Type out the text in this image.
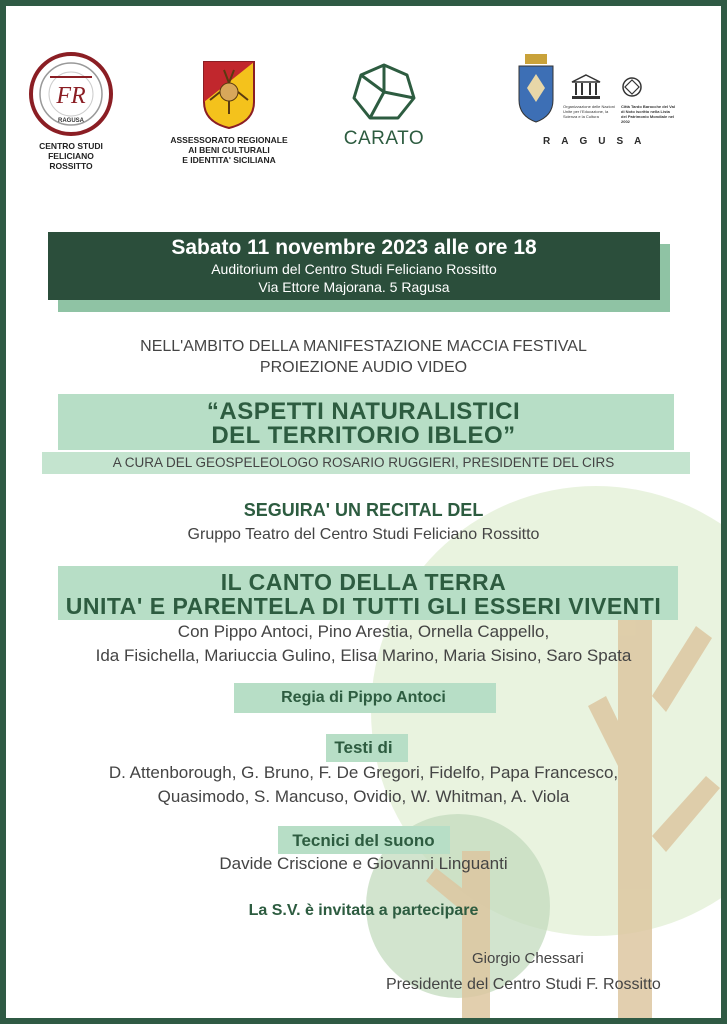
FR
RAGUSA
CENTRO STUDI
FELICIANO ROSSITTO
ASSESSORATO REGIONALE
AI BENI CULTURALI
E IDENTITA' SICILIANA
CARATO
Organizzazione delle Nazioni Unite per l'Educazione, la Scienza e la Cultura
Città Tardo Barocche del Val di Noto iscritto nella Lista del Patrimonio Mondiale nel 2002
RAGUSA
Sabato 11 novembre 2023 alle ore 18
Auditorium del Centro Studi Feliciano Rossitto
Via Ettore Majorana. 5 Ragusa
NELL'AMBITO DELLA MANIFESTAZIONE MACCIA FESTIVAL
PROIEZIONE AUDIO VIDEO
“ASPETTI NATURALISTICI
DEL TERRITORIO IBLEO”
A CURA DEL GEOSPELEOLOGO ROSARIO RUGGIERI, PRESIDENTE DEL CIRS
SEGUIRA' UN RECITAL DEL
Gruppo Teatro del Centro Studi Feliciano Rossitto
IL CANTO DELLA TERRA
UNITA' E PARENTELA DI TUTTI GLI ESSERI VIVENTI
Con Pippo Antoci, Pino Arestia, Ornella Cappello,
Ida Fisichella, Mariuccia Gulino, Elisa Marino, Maria Sisino, Saro Spata
Regia di Pippo Antoci
Testi di
D. Attenborough, G. Bruno, F. De Gregori, Fidelfo, Papa Francesco,
Quasimodo, S. Mancuso, Ovidio, W. Whitman, A. Viola
Tecnici del suono
Davide Criscione e Giovanni Linguanti
La S.V. è invitata a partecipare
Giorgio Chessari
Presidente del Centro Studi F. Rossitto
